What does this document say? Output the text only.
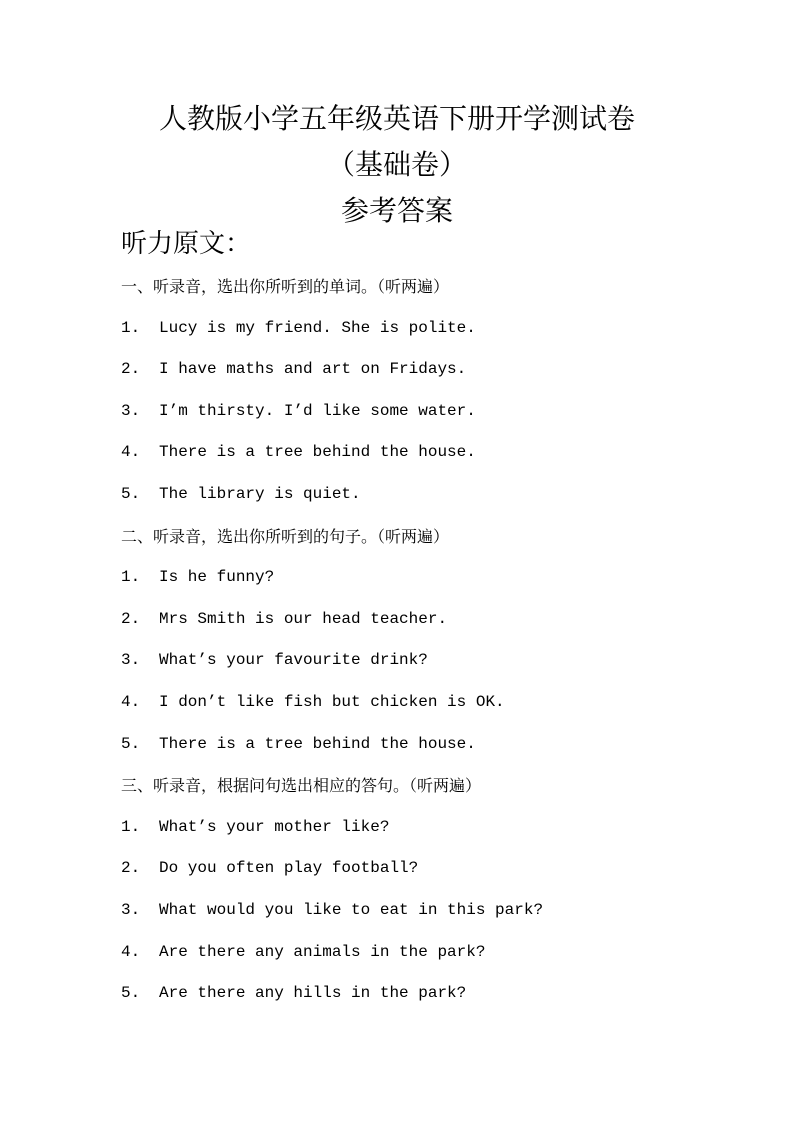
人教版小学五年级英语下册开学测试卷
（基础卷）
参考答案
听力原文：
一、听录音，选出你所听到的单词。（听两遍）
1.	Lucy is my friend. She is polite.
2.	I have maths and art on Fridays.
3.	I’m thirsty. I’d like some water.
4.	There is a tree behind the house.
5.	The library is quiet.
二、听录音，选出你所听到的句子。（听两遍）
1.	Is he funny?
2.	Mrs Smith is our head teacher.
3.	What’s your favourite drink?
4.	I don’t like fish but chicken is OK.
5.	There is a tree behind the house.
三、听录音，根据问句选出相应的答句。（听两遍）
1.	What’s your mother like?
2.	Do you often play football?
3.	What would you like to eat in this park?
4.	Are there any animals in the park?
5.	Are there any hills in the park?
